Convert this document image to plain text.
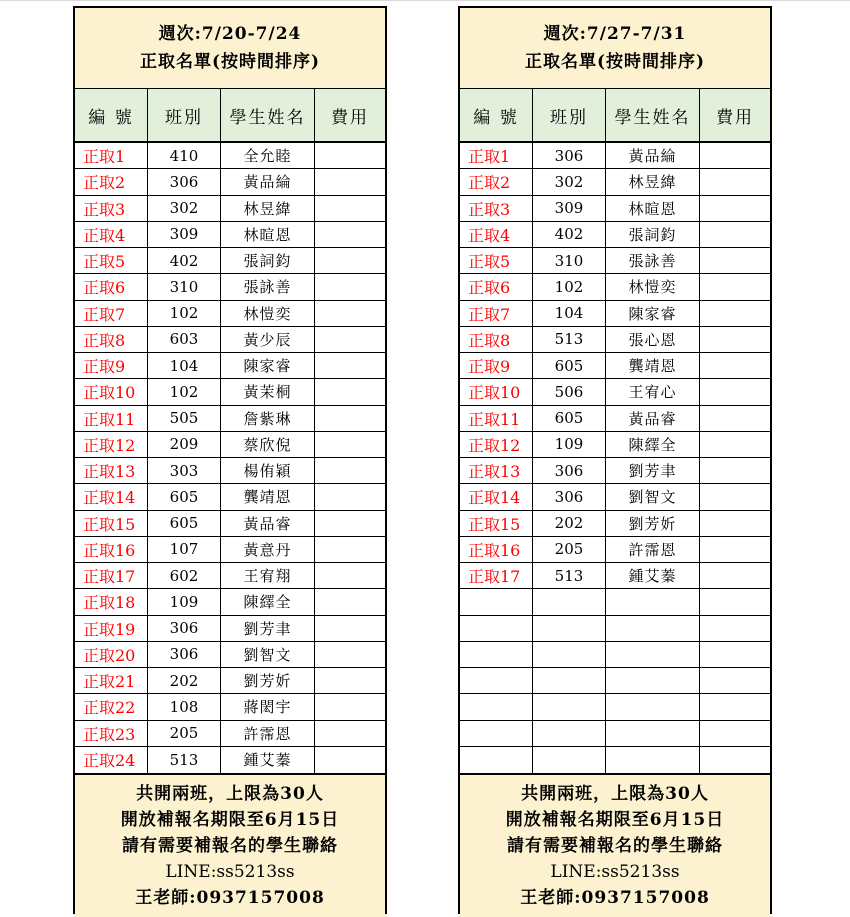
週次:7/20-7/24
正取名單(按時間排序)
編 號	班別	學生姓名	費用
正取1	410	全允睦
正取2	306	黃品綸
正取3	302	林昱緯
正取4	309	林暄恩
正取5	402	張詞鈞
正取6	310	張詠善
正取7	102	林愷奕
正取8	603	黃少辰
正取9	104	陳家睿
正取10	102	黃茉桐
正取11	505	詹紫琳
正取12	209	蔡欣倪
正取13	303	楊侑穎
正取14	605	龔靖恩
正取15	605	黃品睿
正取16	107	黃意丹
正取17	602	王宥翔
正取18	109	陳繹全
正取19	306	劉芳聿
正取20	306	劉智文
正取21	202	劉芳妡
正取22	108	蔣閎宇
正取23	205	許霈恩
正取24	513	鍾艾蓁
共開兩班，上限為30人
開放補報名期限至6月15日
請有需要補報名的學生聯絡
LINE:ss5213ss
王老師:0937157008
週次:7/27-7/31
正取名單(按時間排序)
編 號	班別	學生姓名	費用
正取1	306	黃品綸
正取2	302	林昱緯
正取3	309	林暄恩
正取4	402	張詞鈞
正取5	310	張詠善
正取6	102	林愷奕
正取7	104	陳家睿
正取8	513	張心恩
正取9	605	龔靖恩
正取10	506	王宥心
正取11	605	黃品睿
正取12	109	陳繹全
正取13	306	劉芳聿
正取14	306	劉智文
正取15	202	劉芳妡
正取16	205	許霈恩
正取17	513	鍾艾蓁
共開兩班，上限為30人
開放補報名期限至6月15日
請有需要補報名的學生聯絡
LINE:ss5213ss
王老師:0937157008
